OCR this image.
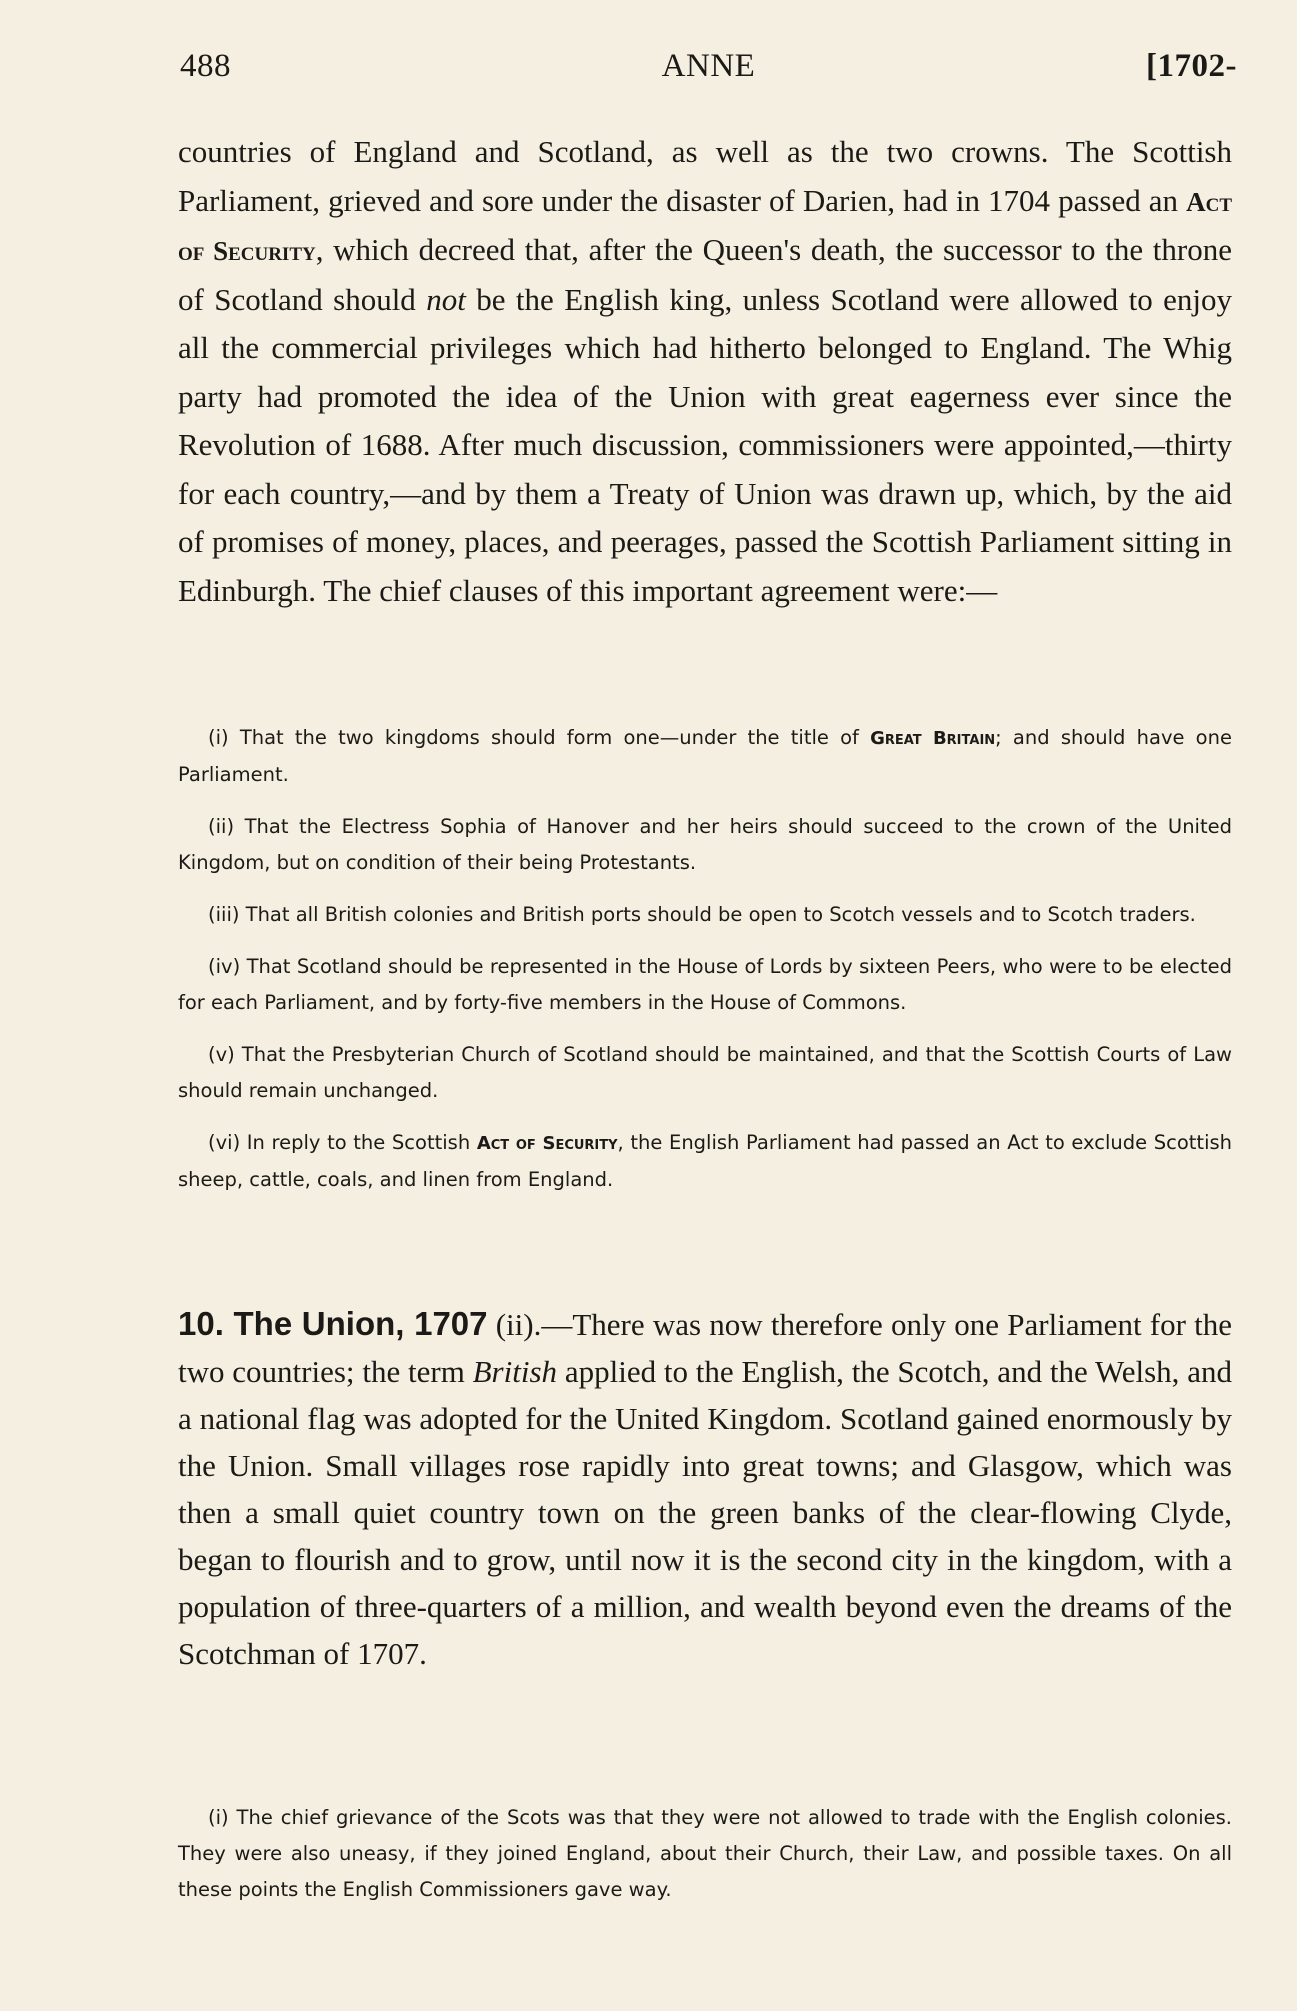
ANNE
488	[1702-

countries of England and Scotland, as well as the two crowns. The Scottish Parliament, grieved and sore under the disaster of Darien, had in 1704 passed an Act of Security, which decreed that, after the Queen's death, the successor to the throne of Scotland should not be the English king, unless Scotland were allowed to enjoy all the commercial privileges which had hitherto belonged to England. The Whig party had promoted the idea of the Union with great eagerness ever since the Revolution of 1688. After much discussion, commissioners were appointed,—thirty for each country,—and by them a Treaty of Union was drawn up, which, by the aid of promises of money, places, and peerages, passed the Scottish Parliament sitting in Edinburgh. The chief clauses of this important agreement were:—

(i) That the two kingdoms should form one—under the title of Great Britain; and should have one Parliament.

(ii) That the Electress Sophia of Hanover and her heirs should succeed to the crown of the United Kingdom, but on condition of their being Protestants.

(iii) That all British colonies and British ports should be open to Scotch vessels and to Scotch traders.

(iv) That Scotland should be represented in the House of Lords by sixteen Peers, who were to be elected for each Parliament, and by forty-five members in the House of Commons.

(v) That the Presbyterian Church of Scotland should be maintained, and that the Scottish Courts of Law should remain unchanged.

(vi) In reply to the Scottish Act of Security, the English Parliament had passed an Act to exclude Scottish sheep, cattle, coals, and linen from England.

10. The Union, 1707 (ii).—There was now therefore only one Parliament for the two countries; the term British applied to the English, the Scotch, and the Welsh, and a national flag was adopted for the United Kingdom. Scotland gained enormously by the Union. Small villages rose rapidly into great towns; and Glasgow, which was then a small quiet country town on the green banks of the clear-flowing Clyde, began to flourish and to grow, until now it is the second city in the kingdom, with a population of three-quarters of a million, and wealth beyond even the dreams of the Scotchman of 1707.

(i) The chief grievance of the Scots was that they were not allowed to trade with the English colonies. They were also uneasy, if they joined England, about their Church, their Law, and possible taxes. On all these points the English Commissioners gave way.
